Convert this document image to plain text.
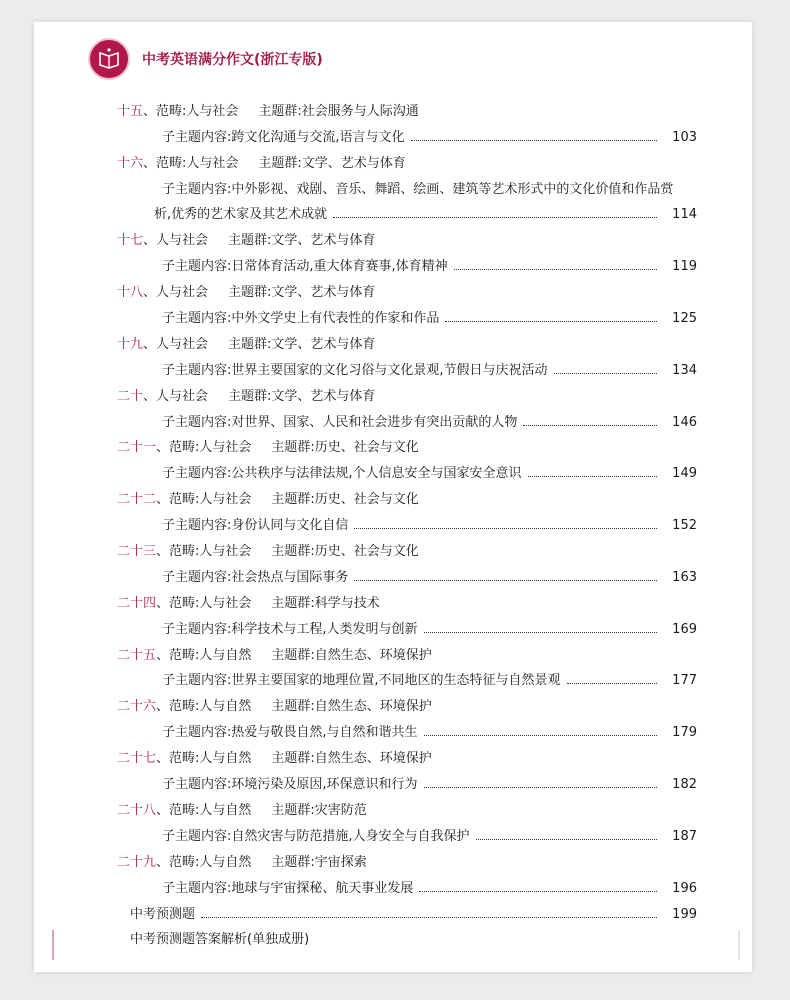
中考英语满分作文(浙江专版)
十五 、范畴:人与社会 主题群:社会服务与人际沟通
子主题内容:跨文化沟通与交流,语言与文化	103
十六 、范畴:人与社会 主题群:文学、艺术与体育
子主题内容:中外影视、戏剧、音乐、舞蹈、绘画、建筑等艺术形式中的文化价值和作品赏
析,优秀的艺术家及其艺术成就	114
十七 、人与社会 主题群:文学、艺术与体育
子主题内容:日常体育活动,重大体育赛事,体育精神	119
十八 、人与社会 主题群:文学、艺术与体育
子主题内容:中外文学史上有代表性的作家和作品	125
十九 、人与社会 主题群:文学、艺术与体育
子主题内容:世界主要国家的文化习俗与文化景观,节假日与庆祝活动	134
二十 、人与社会 主题群:文学、艺术与体育
子主题内容:对世界、国家、人民和社会进步有突出贡献的人物	146
二十一 、范畴:人与社会 主题群:历史、社会与文化
子主题内容:公共秩序与法律法规,个人信息安全与国家安全意识	149
二十二 、范畴:人与社会 主题群:历史、社会与文化
子主题内容:身份认同与文化自信	152
二十三 、范畴:人与社会 主题群:历史、社会与文化
子主题内容:社会热点与国际事务	163
二十四 、范畴:人与社会 主题群:科学与技术
子主题内容:科学技术与工程,人类发明与创新	169
二十五 、范畴:人与自然 主题群:自然生态、环境保护
子主题内容:世界主要国家的地理位置,不同地区的生态特征与自然景观	177
二十六 、范畴:人与自然 主题群:自然生态、环境保护
子主题内容:热爱与敬畏自然,与自然和谐共生	179
二十七 、范畴:人与自然 主题群:自然生态、环境保护
子主题内容:环境污染及原因,环保意识和行为	182
二十八 、范畴:人与自然 主题群:灾害防范
子主题内容:自然灾害与防范措施,人身安全与自我保护	187
二十九 、范畴:人与自然 主题群:宇宙探索
子主题内容:地球与宇宙探秘、航天事业发展	196
中考预测题	199
中考预测题答案解析(单独成册)
